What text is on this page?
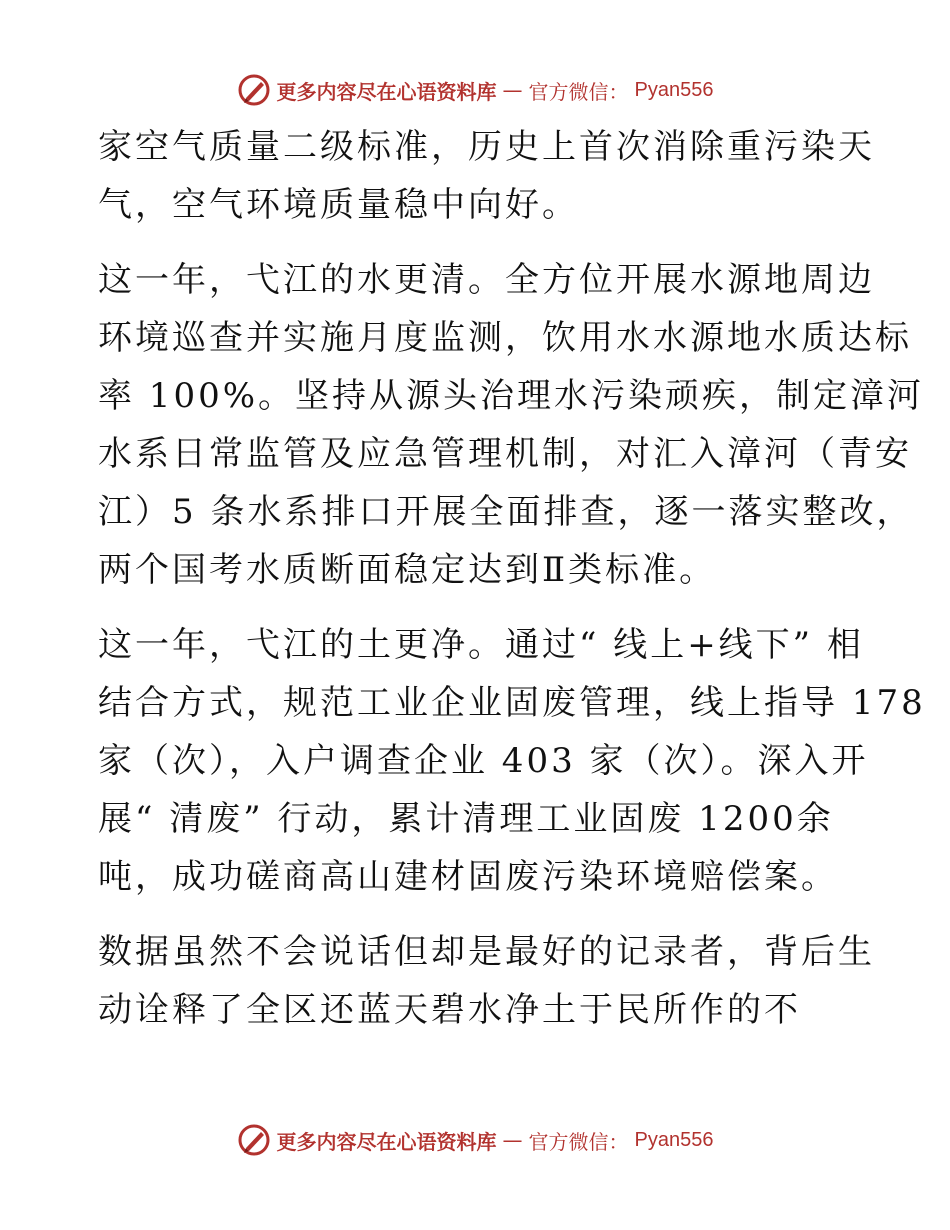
更多内容尽在心语资料库 — 官方微信： Pyan556
家空气质量二级标准，历史上首次消除重污染天
气，空气环境质量稳中向好。
这一年，弋江的水更清。全方位开展水源地周边
环境巡查并实施月度监测，饮用水水源地水质达标
率 100%。坚持从源头治理水污染顽疾，制定漳河
水系日常监管及应急管理机制，对汇入漳河（青安
江）5 条水系排口开展全面排查，逐一落实整改，
两个国考水质断面稳定达到Ⅱ类标准。
这一年，弋江的土更净。通过“ 线上+线下” 相
结合方式，规范工业企业固废管理，线上指导 178
家（次），入户调查企业 403 家（次）。深入开
展“ 清废” 行动，累计清理工业固废 1200余
吨，成功磋商高山建材固废污染环境赔偿案。
数据虽然不会说话但却是最好的记录者，背后生
动诠释了全区还蓝天碧水净土于民所作的不
更多内容尽在心语资料库 — 官方微信： Pyan556
